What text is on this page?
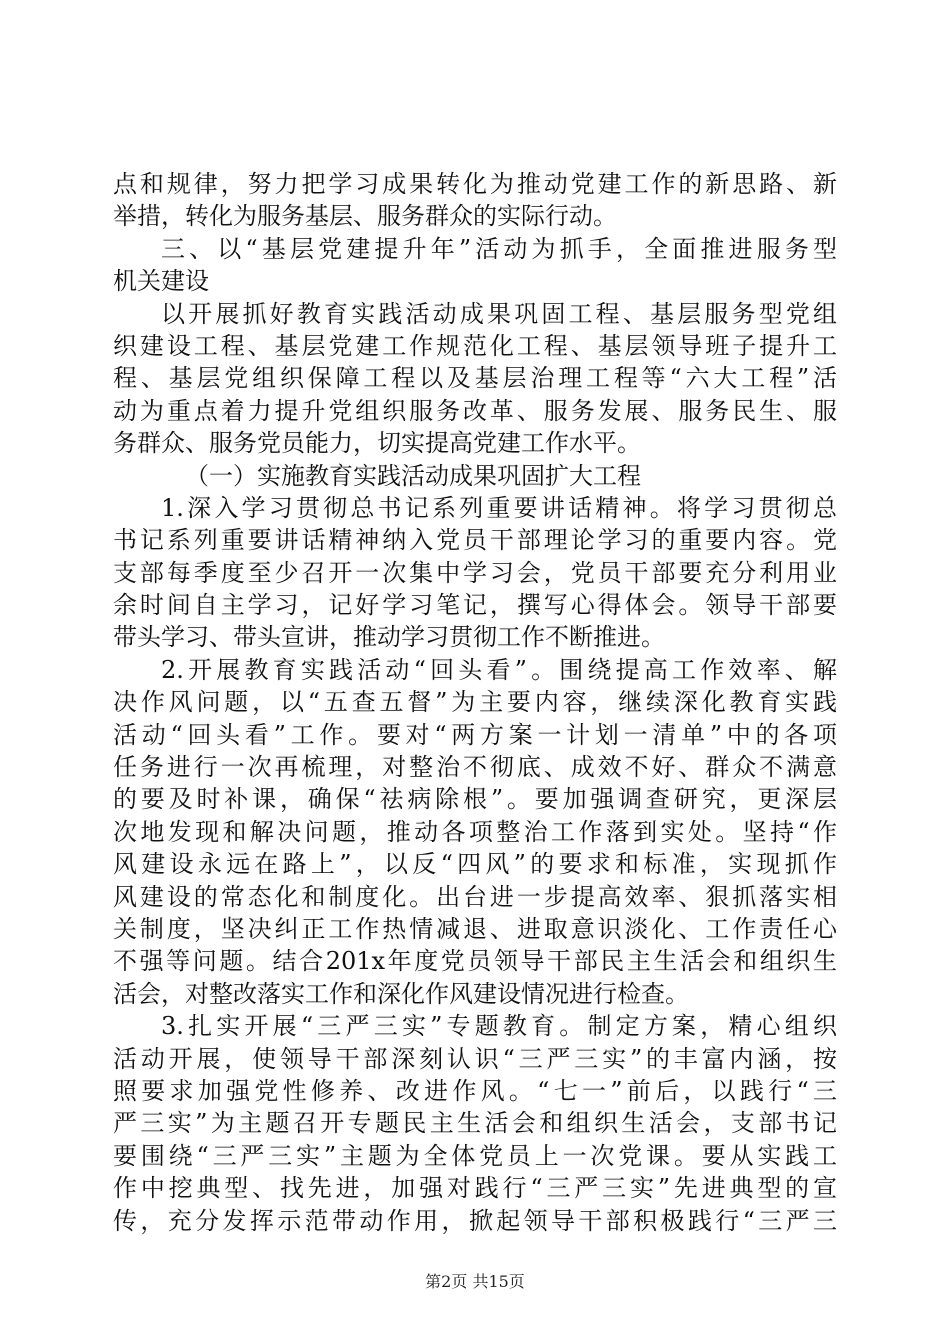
点和规律，努力把学习成果转化为推动党建工作的新思路、新
举措，转化为服务基层、服务群众的实际行动。
三、以“基层党建提升年”活动为抓手，全面推进服务型
机关建设
以开展抓好教育实践活动成果巩固工程、基层服务型党组
织建设工程、基层党建工作规范化工程、基层领导班子提升工
程、基层党组织保障工程以及基层治理工程等“六大工程”活
动为重点着力提升党组织服务改革、服务发展、服务民生、服
务群众、服务党员能力，切实提高党建工作水平。
（一）实施教育实践活动成果巩固扩大工程
1.深入学习贯彻总书记系列重要讲话精神。将学习贯彻总
书记系列重要讲话精神纳入党员干部理论学习的重要内容。党
支部每季度至少召开一次集中学习会，党员干部要充分利用业
余时间自主学习，记好学习笔记，撰写心得体会。领导干部要
带头学习、带头宣讲，推动学习贯彻工作不断推进。
2.开展教育实践活动“回头看”。围绕提高工作效率、解
决作风问题，以“五查五督”为主要内容，继续深化教育实践
活动“回头看”工作。要对“两方案一计划一清单”中的各项
任务进行一次再梳理，对整治不彻底、成效不好、群众不满意
的要及时补课，确保“祛病除根”。要加强调查研究，更深层
次地发现和解决问题，推动各项整治工作落到实处。坚持“作
风建设永远在路上”，以反“四风”的要求和标准，实现抓作
风建设的常态化和制度化。出台进一步提高效率、狠抓落实相
关制度，坚决纠正工作热情减退、进取意识淡化、工作责任心
不强等问题。结合201x年度党员领导干部民主生活会和组织生
活会，对整改落实工作和深化作风建设情况进行检查。
3.扎实开展“三严三实”专题教育。制定方案，精心组织
活动开展，使领导干部深刻认识“三严三实”的丰富内涵，按
照要求加强党性修养、改进作风。“七一”前后，以践行“三
严三实”为主题召开专题民主生活会和组织生活会，支部书记
要围绕“三严三实”主题为全体党员上一次党课。要从实践工
作中挖典型、找先进，加强对践行“三严三实”先进典型的宣
传，充分发挥示范带动作用，掀起领导干部积极践行“三严三
第2页 共15页
